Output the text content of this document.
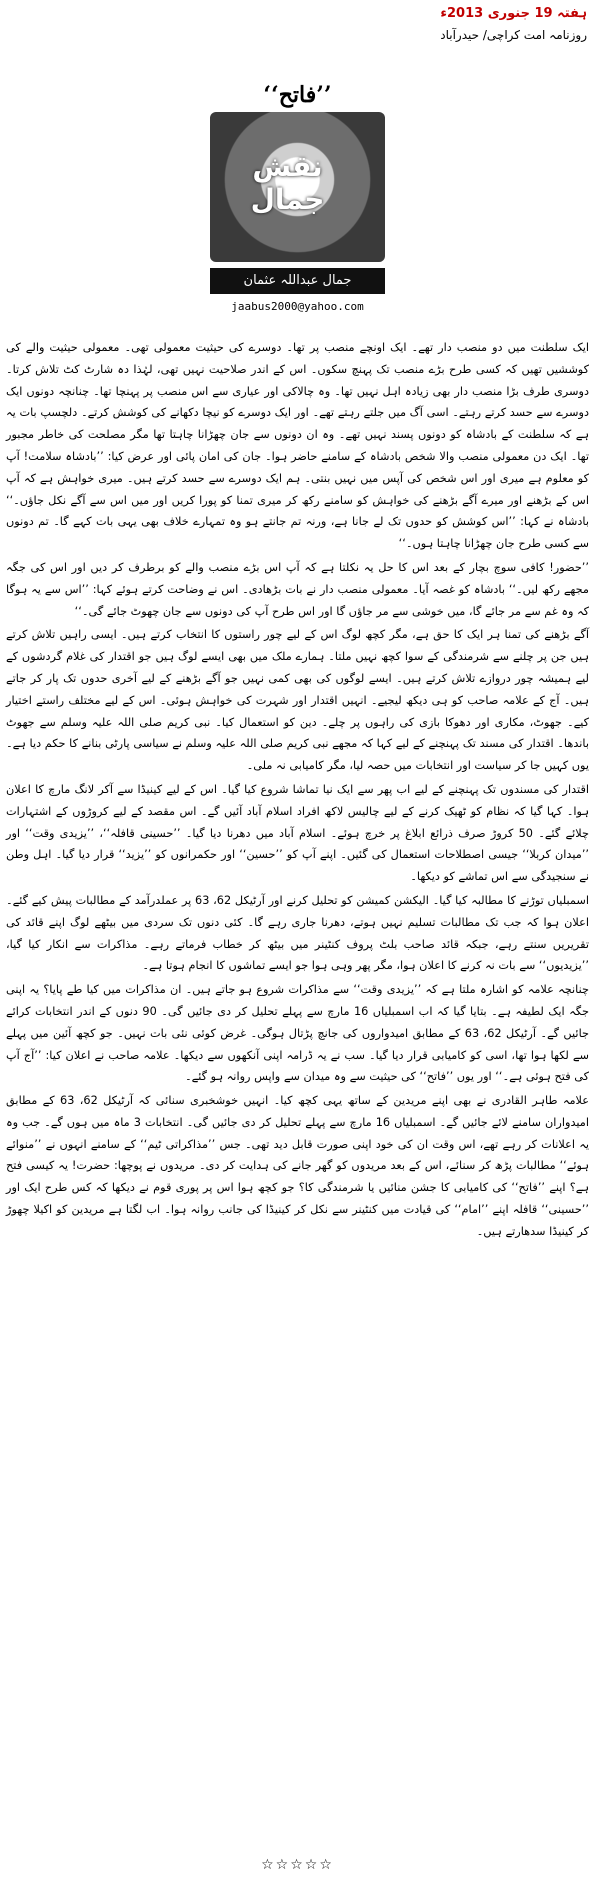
ہفتہ 19 جنوری 2013ء
روزنامہ امت کراچی/ حیدرآباد
’’فاتح‘‘
نقش جمال
جمال عبداللہ عثمان
jaabus2000@yahoo.com

ایک سلطنت میں دو منصب دار تھے۔ ایک اونچے منصب پر تھا۔ دوسرے کی حیثیت معمولی تھی۔ معمولی حیثیت والے کی کوششیں تھیں کہ کسی طرح بڑے منصب تک پہنچ سکوں۔ اس کے اندر صلاحیت نہیں تھی، لہٰذا دہ شارٹ کٹ تلاش کرتا۔ دوسری طرف بڑا منصب دار بھی زیادہ اہل نہیں تھا۔ وہ چالاکی اور عیاری سے اس منصب پر پہنچا تھا۔ چنانچہ دونوں ایک دوسرے سے حسد کرتے رہتے۔ اسی آگ میں جلتے رہتے تھے۔ اور ایک دوسرے کو نیچا دکھانے کی کوشش کرتے۔ دلچسپ بات یہ ہے کہ سلطنت کے بادشاہ کو دونوں پسند نہیں تھے۔ وہ ان دونوں سے جان چھڑانا چاہتا تھا مگر مصلحت کی خاطر مجبور تھا۔ ایک دن معمولی منصب والا شخص بادشاہ کے سامنے حاضر ہوا۔ جان کی امان پائی اور عرض کیا: ’’بادشاہ سلامت! آپ کو معلوم ہے میری اور اس شخص کی آپس میں نہیں بنتی۔ ہم ایک دوسرے سے حسد کرتے ہیں۔ میری خواہش ہے کہ آپ اس کے بڑھنے اور میرے آگے بڑھنے کی خواہش کو سامنے رکھ کر میری تمنا کو پورا کریں اور میں اس سے آگے نکل جاؤں۔‘‘ بادشاہ نے کہا: ’’اس کوشش کو حدوں تک لے جانا ہے، ورنہ تم جانتے ہو وہ تمہارے خلاف بھی یہی بات کہے گا۔ تم دونوں سے کسی طرح جان چھڑانا چاہتا ہوں۔‘‘

’’حضور! کافی سوچ بچار کے بعد اس کا حل یہ نکلتا ہے کہ آپ اس بڑے منصب والے کو برطرف کر دیں اور اس کی جگہ مجھے رکھ لیں۔‘‘ بادشاہ کو غصہ آیا۔ معمولی منصب دار نے بات بڑھادی۔ اس نے وضاحت کرتے ہوئے کہا: ’’اس سے یہ ہوگا کہ وہ غم سے مر جائے گا، میں خوشی سے مر جاؤں گا اور اس طرح آپ کی دونوں سے جان چھوٹ جائے گی۔‘‘

آگے بڑھنے کی تمنا ہر ایک کا حق ہے، مگر کچھ لوگ اس کے لیے چور راستوں کا انتخاب کرتے ہیں۔ ایسی راہیں تلاش کرتے ہیں جن پر چلنے سے شرمندگی کے سوا کچھ نہیں ملتا۔ ہمارے ملک میں بھی ایسے لوگ ہیں جو اقتدار کی غلام گردشوں کے لیے ہمیشہ چور دروازے تلاش کرتے ہیں۔ ایسے لوگوں کی بھی کمی نہیں جو آگے بڑھنے کے لیے آخری حدوں تک پار کر جاتے ہیں۔ آج کے علامہ صاحب کو ہی دیکھ لیجیے۔ انہیں اقتدار اور شہرت کی خواہش ہوئی۔ اس کے لیے مختلف راستے اختیار کیے۔ جھوٹ، مکاری اور دھوکا بازی کی راہوں پر چلے۔ دین کو استعمال کیا۔ نبی کریم صلی اللہ علیہ وسلم سے جھوٹ باندھا۔ اقتدار کی مسند تک پہنچنے کے لیے کہا کہ مجھے نبی کریم صلی اللہ علیہ وسلم نے سیاسی پارٹی بنانے کا حکم دیا ہے۔ یوں کہیں جا کر سیاست اور انتخابات میں حصہ لیا، مگر کامیابی نہ ملی۔

اقتدار کی مسندوں تک پہنچنے کے لیے اب پھر سے ایک نیا تماشا شروع کیا گیا۔ اس کے لیے کینیڈا سے آکر لانگ مارچ کا اعلان ہوا۔ کہا گیا کہ نظام کو ٹھیک کرنے کے لیے چالیس لاکھ افراد اسلام آباد آئیں گے۔ اس مقصد کے لیے کروڑوں کے اشتہارات چلائے گئے۔ 50 کروڑ صرف ذرائع ابلاغ پر خرچ ہوئے۔ اسلام آباد میں دھرنا دیا گیا۔ ’’حسینی قافلہ‘‘، ’’یزیدی وقت‘‘ اور ’’میدان کربلا‘‘ جیسی اصطلاحات استعمال کی گئیں۔ اپنے آپ کو ’’حسین‘‘ اور حکمرانوں کو ’’یزید‘‘ قرار دیا گیا۔ اہل وطن نے سنجیدگی سے اس تماشے کو دیکھا۔

اسمبلیاں توڑنے کا مطالبہ کیا گیا۔ الیکشن کمیشن کو تحلیل کرنے اور آرٹیکل 62، 63 پر عملدرآمد کے مطالبات پیش کیے گئے۔ اعلان ہوا کہ جب تک مطالبات تسلیم نہیں ہوتے، دھرنا جاری رہے گا۔ کئی دنوں تک سردی میں بیٹھے لوگ اپنے قائد کی تقریریں سنتے رہے، جبکہ قائد صاحب بلٹ پروف کنٹینر میں بیٹھ کر خطاب فرماتے رہے۔ مذاکرات سے انکار کیا گیا، ’’یزیدیوں‘‘ سے بات نہ کرنے کا اعلان ہوا، مگر پھر وہی ہوا جو ایسے تماشوں کا انجام ہوتا ہے۔

چنانچہ علامہ کو اشارہ ملتا ہے کہ ’’یزیدی وقت‘‘ سے مذاکرات شروع ہو جاتے ہیں۔ ان مذاکرات میں کیا طے پایا؟ یہ اپنی جگہ ایک لطیفہ ہے۔ بتایا گیا کہ اب اسمبلیاں 16 مارچ سے پہلے تحلیل کر دی جائیں گی۔ 90 دنوں کے اندر انتخابات کرائے جائیں گے۔ آرٹیکل 62، 63 کے مطابق امیدواروں کی جانچ پڑتال ہوگی۔ غرض کوئی نئی بات نہیں۔ جو کچھ آئین میں پہلے سے لکھا ہوا تھا، اسی کو کامیابی قرار دیا گیا۔ سب نے یہ ڈرامہ اپنی آنکھوں سے دیکھا۔ علامہ صاحب نے اعلان کیا: ’’آج آپ کی فتح ہوئی ہے۔‘‘ اور یوں ’’فاتح‘‘ کی حیثیت سے وہ میدان سے واپس روانہ ہو گئے۔

علامہ طاہر القادری نے بھی اپنے مریدین کے ساتھ یہی کچھ کیا۔ انہیں خوشخبری سنائی کہ آرٹیکل 62، 63 کے مطابق امیدواران سامنے لائے جائیں گے۔ اسمبلیاں 16 مارچ سے پہلے تحلیل کر دی جائیں گی۔ انتخابات 3 ماہ میں ہوں گے۔ جب وہ یہ اعلانات کر رہے تھے، اس وقت ان کی خود اپنی صورت قابل دید تھی۔ جس ’’مذاکراتی ٹیم‘‘ کے سامنے انہوں نے ’’منوائے ہوئے‘‘ مطالبات پڑھ کر سنائے، اس کے بعد مریدوں کو گھر جانے کی ہدایت کر دی۔ مریدوں نے پوچھا: حضرت! یہ کیسی فتح ہے؟ اپنے ’’فاتح‘‘ کی کامیابی کا جشن منائیں یا شرمندگی کا؟ جو کچھ ہوا اس پر پوری قوم نے دیکھا کہ کس طرح ایک اور ’’حسینی‘‘ قافلہ اپنے ’’امام‘‘ کی قیادت میں کنٹینر سے نکل کر کینیڈا کی جانب روانہ ہوا۔ اب لگتا ہے مریدین کو اکیلا چھوڑ کر کینیڈا سدھارتے ہیں۔

☆☆☆☆☆
